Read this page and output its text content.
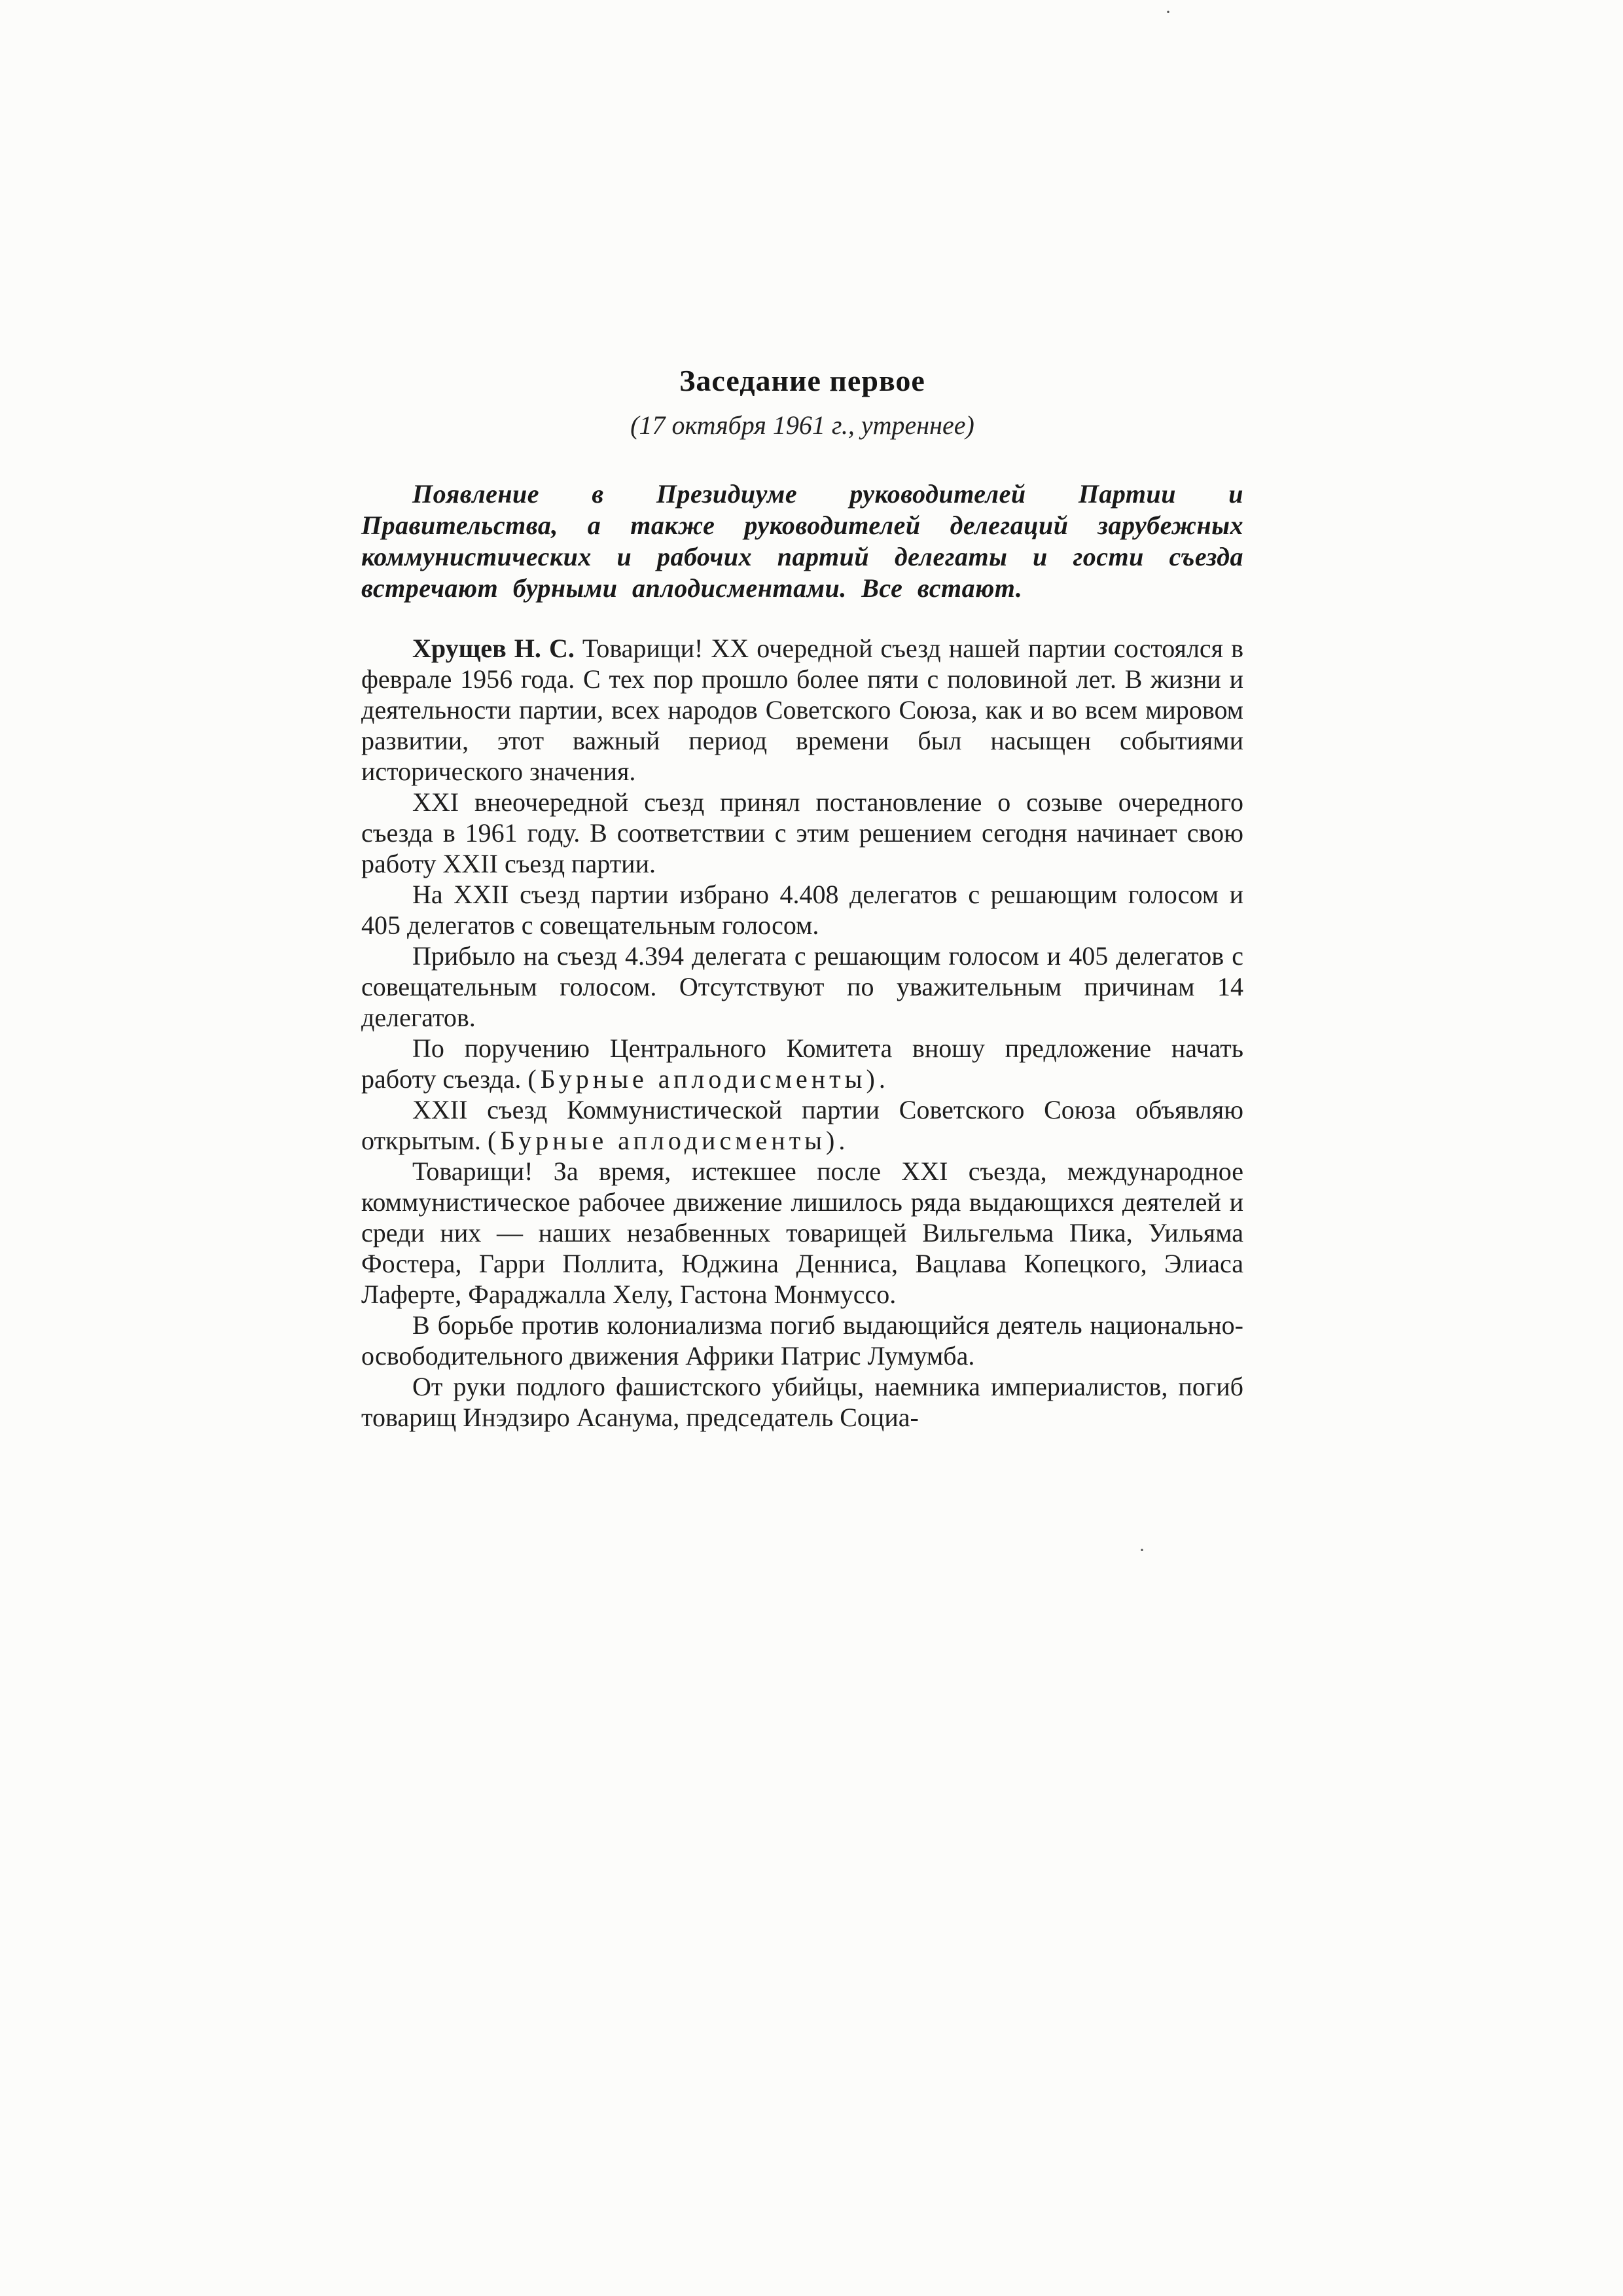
·
Заседание первое
(17 октября 1961 г., утреннее)

Появление в Президиуме руководителей Партии и Правительства, а также руководителей делегаций зарубежных коммунистических и рабочих партий делегаты и гости съезда встречают бурными аплодисментами. Все встают.

Хрущев Н. С. Товарищи! XX очередной съезд нашей партии состоялся в феврале 1956 года. С тех пор прошло более пяти с половиной лет. В жизни и деятельности партии, всех народов Советского Союза, как и во всем мировом развитии, этот важный период времени был насыщен событиями исторического значения.

XXI внеочередной съезд принял постановление о созыве очередного съезда в 1961 году. В соответствии с этим решением сегодня начинает свою работу XXII съезд партии.

На XXII съезд партии избрано 4.408 делегатов с решающим голосом и 405 делегатов с совещательным голосом.

Прибыло на съезд 4.394 делегата с решающим голосом и 405 делегатов с совещательным голосом. Отсутствуют по уважительным причинам 14 делегатов.

По поручению Центрального Комитета вношу предложение начать работу съезда. (Бурные аплодисменты).

XXII съезд Коммунистической партии Советского Союза объявляю открытым. (Бурные аплодисменты).

Товарищи! За время, истекшее после XXI съезда, международное коммунистическое рабочее движение лишилось ряда выдающихся деятелей и среди них — наших незабвенных товарищей Вильгельма Пика, Уильяма Фостера, Гарри Поллита, Юджина Денниса, Вацлава Копецкого, Элиаса Лаферте, Фараджалла Хелу, Гастона Монмуссо.

В борьбе против колониализма погиб выдающийся деятель национально-освободительного движения Африки Патрис Лумумба.

От руки подлого фашистского убийцы, наемника империалистов, погиб товарищ Инэдзиро Асанума, председатель Социа-

·
